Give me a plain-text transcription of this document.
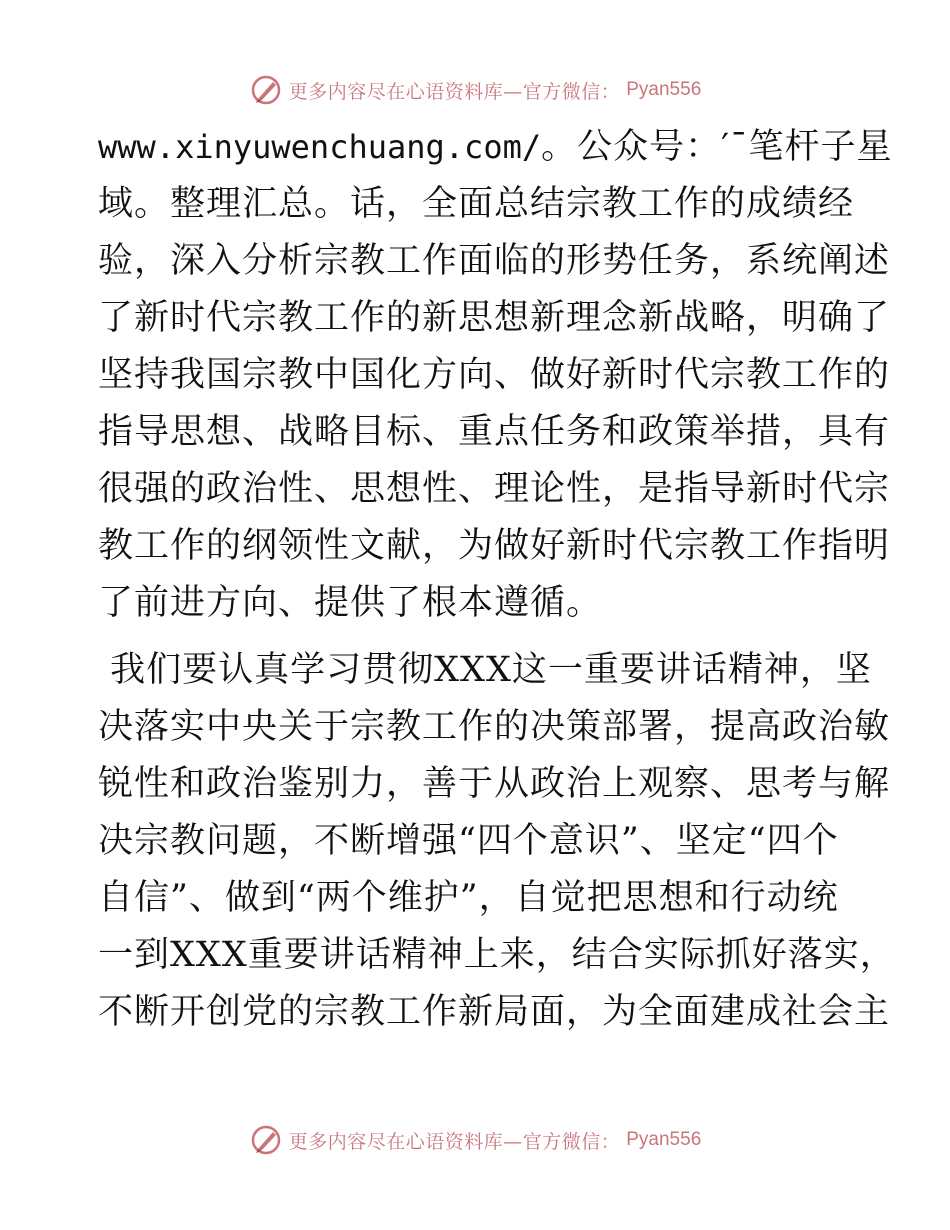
更多内容尽在心语资料库—官方微信： Pyan556
www.xinyuwenchuang.com/。公众号：′¯笔杆子星
域。整理汇总。话，全面总结宗教工作的成绩经
验，深入分析宗教工作面临的形势任务，系统阐述
了新时代宗教工作的新思想新理念新战略，明确了
坚持我国宗教中国化方向、做好新时代宗教工作的
指导思想、战略目标、重点任务和政策举措，具有
很强的政治性、思想性、理论性，是指导新时代宗
教工作的纲领性文献，为做好新时代宗教工作指明
了前进方向、提供了根本遵循。
我们要认真学习贯彻XXX这一重要讲话精神，坚
决落实中央关于宗教工作的决策部署，提高政治敏
锐性和政治鉴别力，善于从政治上观察、思考与解
决宗教问题，不断增强“四个意识”、坚定“四个
自信”、做到“两个维护”，自觉把思想和行动统
一到XXX重要讲话精神上来，结合实际抓好落实，
不断开创党的宗教工作新局面，为全面建成社会主
更多内容尽在心语资料库—官方微信： Pyan556
